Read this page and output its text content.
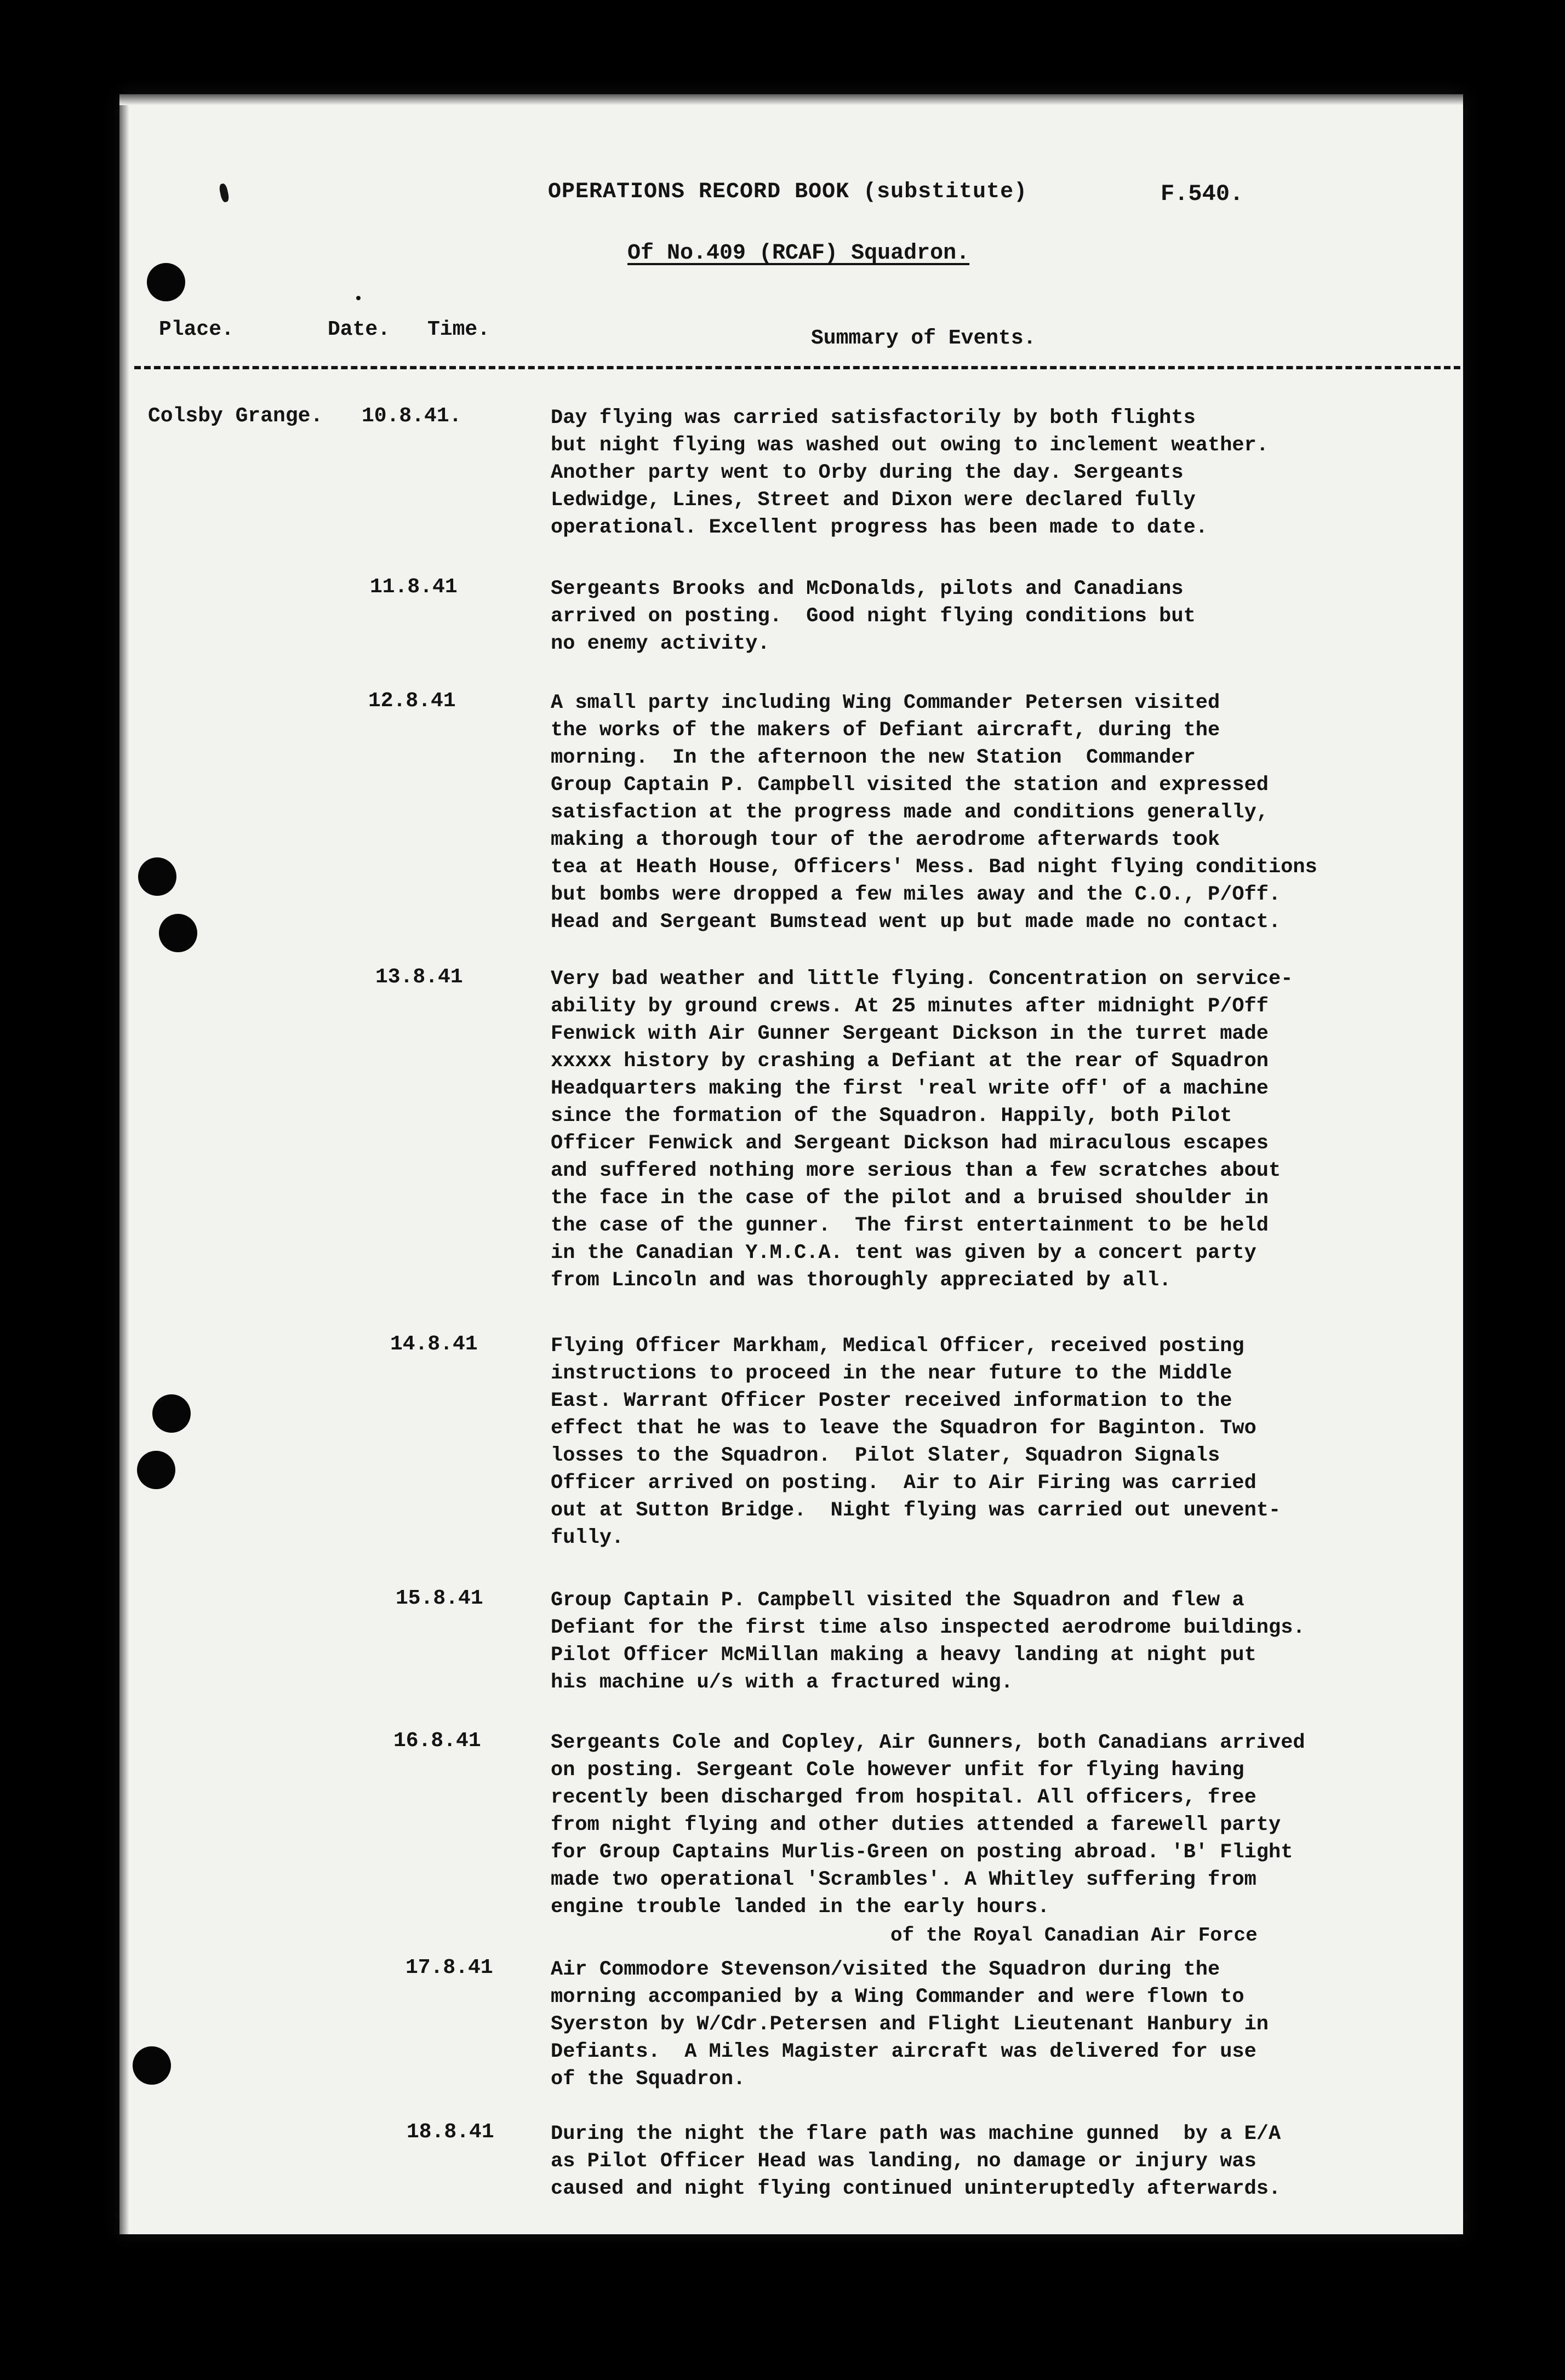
OPERATIONS RECORD BOOK (substitute)	F.540.
Of No.409 (RCAF) Squadron.
Place.	Date. Time.	Summary of Events.
Colsby Grange. 10.8.41.	Day flying was carried satisfactorily by both flights
but night flying was washed out owing to inclement weather.
Another party went to Orby during the day. Sergeants
Ledwidge, Lines, Street and Dixon were declared fully
operational. Excellent progress has been made to date.
11.8.41	Sergeants Brooks and McDonalds, pilots and Canadians
arrived on posting.  Good night flying conditions but
no enemy activity.
12.8.41	A small party including Wing Commander Petersen visited
the works of the makers of Defiant aircraft, during the
morning.  In the afternoon the new Station  Commander
Group Captain P. Campbell visited the station and expressed
satisfaction at the progress made and conditions generally,
making a thorough tour of the aerodrome afterwards took
tea at Heath House, Officers' Mess. Bad night flying conditions
but bombs were dropped a few miles away and the C.O., P/Off.
Head and Sergeant Bumstead went up but made made no contact.
13.8.41	Very bad weather and little flying. Concentration on service-
ability by ground crews. At 25 minutes after midnight P/Off
Fenwick with Air Gunner Sergeant Dickson in the turret made
xxxxx history by crashing a Defiant at the rear of Squadron
Headquarters making the first 'real write off' of a machine
since the formation of the Squadron. Happily, both Pilot
Officer Fenwick and Sergeant Dickson had miraculous escapes
and suffered nothing more serious than a few scratches about
the face in the case of the pilot and a bruised shoulder in
the case of the gunner.  The first entertainment to be held
in the Canadian Y.M.C.A. tent was given by a concert party
from Lincoln and was thoroughly appreciated by all.
14.8.41	Flying Officer Markham, Medical Officer, received posting
instructions to proceed in the near future to the Middle
East. Warrant Officer Poster received information to the
effect that he was to leave the Squadron for Baginton. Two
losses to the Squadron.  Pilot Slater, Squadron Signals
Officer arrived on posting.  Air to Air Firing was carried
out at Sutton Bridge.  Night flying was carried out unevent-
fully.
15.8.41	Group Captain P. Campbell visited the Squadron and flew a
Defiant for the first time also inspected aerodrome buildings.
Pilot Officer McMillan making a heavy landing at night put
his machine u/s with a fractured wing.
16.8.41	Sergeants Cole and Copley, Air Gunners, both Canadians arrived
on posting. Sergeant Cole however unfit for flying having
recently been discharged from hospital. All officers, free
from night flying and other duties attended a farewell party
for Group Captains Murlis-Green on posting abroad. 'B' Flight
made two operational 'Scrambles'. A Whitley suffering from
engine trouble landed in the early hours.
of the Royal Canadian Air Force
17.8.41	Air Commodore Stevenson/visited the Squadron during the
morning accompanied by a Wing Commander and were flown to
Syerston by W/Cdr.Petersen and Flight Lieutenant Hanbury in
Defiants.  A Miles Magister aircraft was delivered for use
of the Squadron.
18.8.41	During the night the flare path was machine gunned  by a E/A
as Pilot Officer Head was landing, no damage or injury was
caused and night flying continued uninteruptedly afterwards.
